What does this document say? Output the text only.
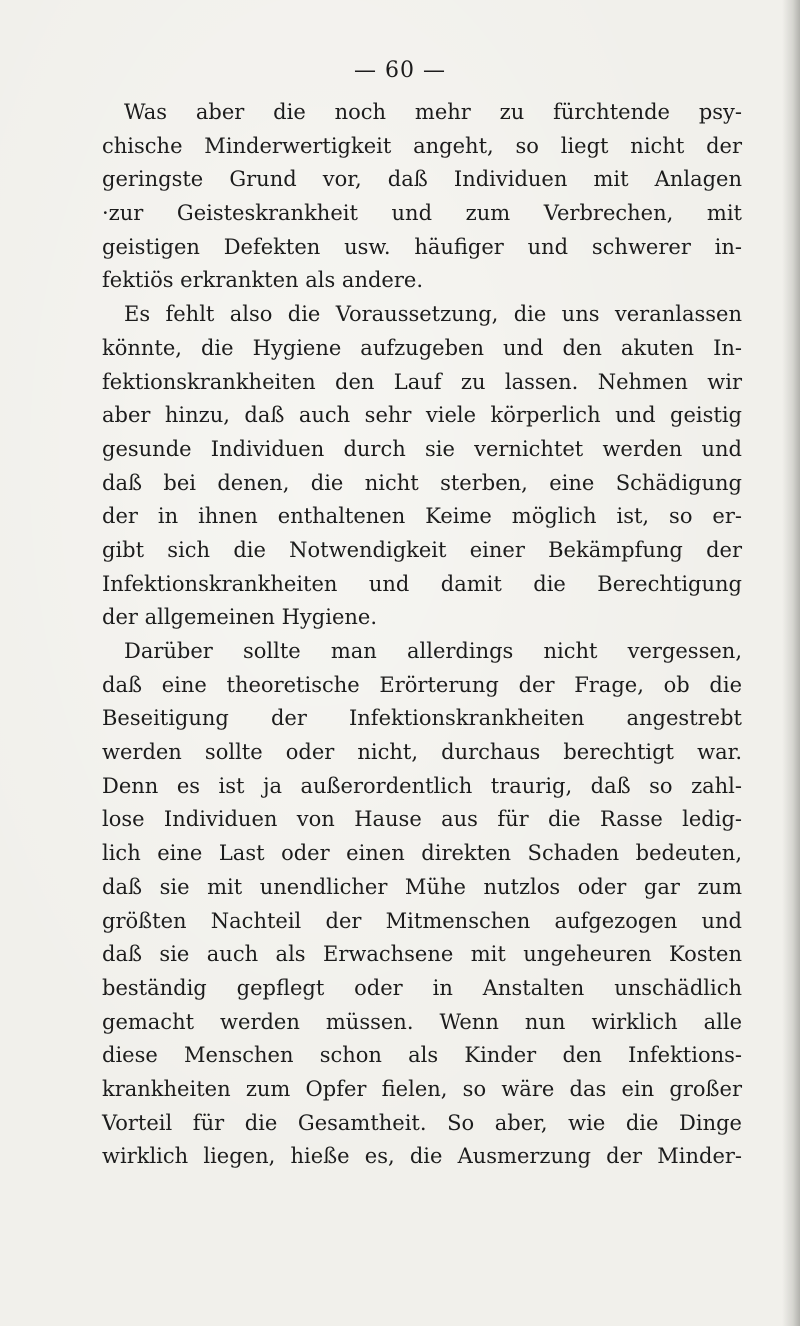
— 60 —
Was aber die noch mehr zu fürchtende psy-
chische Minderwertigkeit angeht, so liegt nicht der
geringste Grund vor, daß Individuen mit Anlagen
·zur Geisteskrankheit und zum Verbrechen, mit
geistigen Defekten usw. häufiger und schwerer in-
fektiös erkrankten als andere.
Es fehlt also die Voraussetzung, die uns veranlassen
könnte, die Hygiene aufzugeben und den akuten In-
fektionskrankheiten den Lauf zu lassen. Nehmen wir
aber hinzu, daß auch sehr viele körperlich und geistig
gesunde Individuen durch sie vernichtet werden und
daß bei denen, die nicht sterben, eine Schädigung
der in ihnen enthaltenen Keime möglich ist, so er-
gibt sich die Notwendigkeit einer Bekämpfung der
Infektionskrankheiten und damit die Berechtigung
der allgemeinen Hygiene.
Darüber sollte man allerdings nicht vergessen,
daß eine theoretische Erörterung der Frage, ob die
Beseitigung der Infektionskrankheiten angestrebt
werden sollte oder nicht, durchaus berechtigt war.
Denn es ist ja außerordentlich traurig, daß so zahl-
lose Individuen von Hause aus für die Rasse ledig-
lich eine Last oder einen direkten Schaden bedeuten,
daß sie mit unendlicher Mühe nutzlos oder gar zum
größten Nachteil der Mitmenschen aufgezogen und
daß sie auch als Erwachsene mit ungeheuren Kosten
beständig gepflegt oder in Anstalten unschädlich
gemacht werden müssen. Wenn nun wirklich alle
diese Menschen schon als Kinder den Infektions-
krankheiten zum Opfer fielen, so wäre das ein großer
Vorteil für die Gesamtheit. So aber, wie die Dinge
wirklich liegen, hieße es, die Ausmerzung der Minder-
